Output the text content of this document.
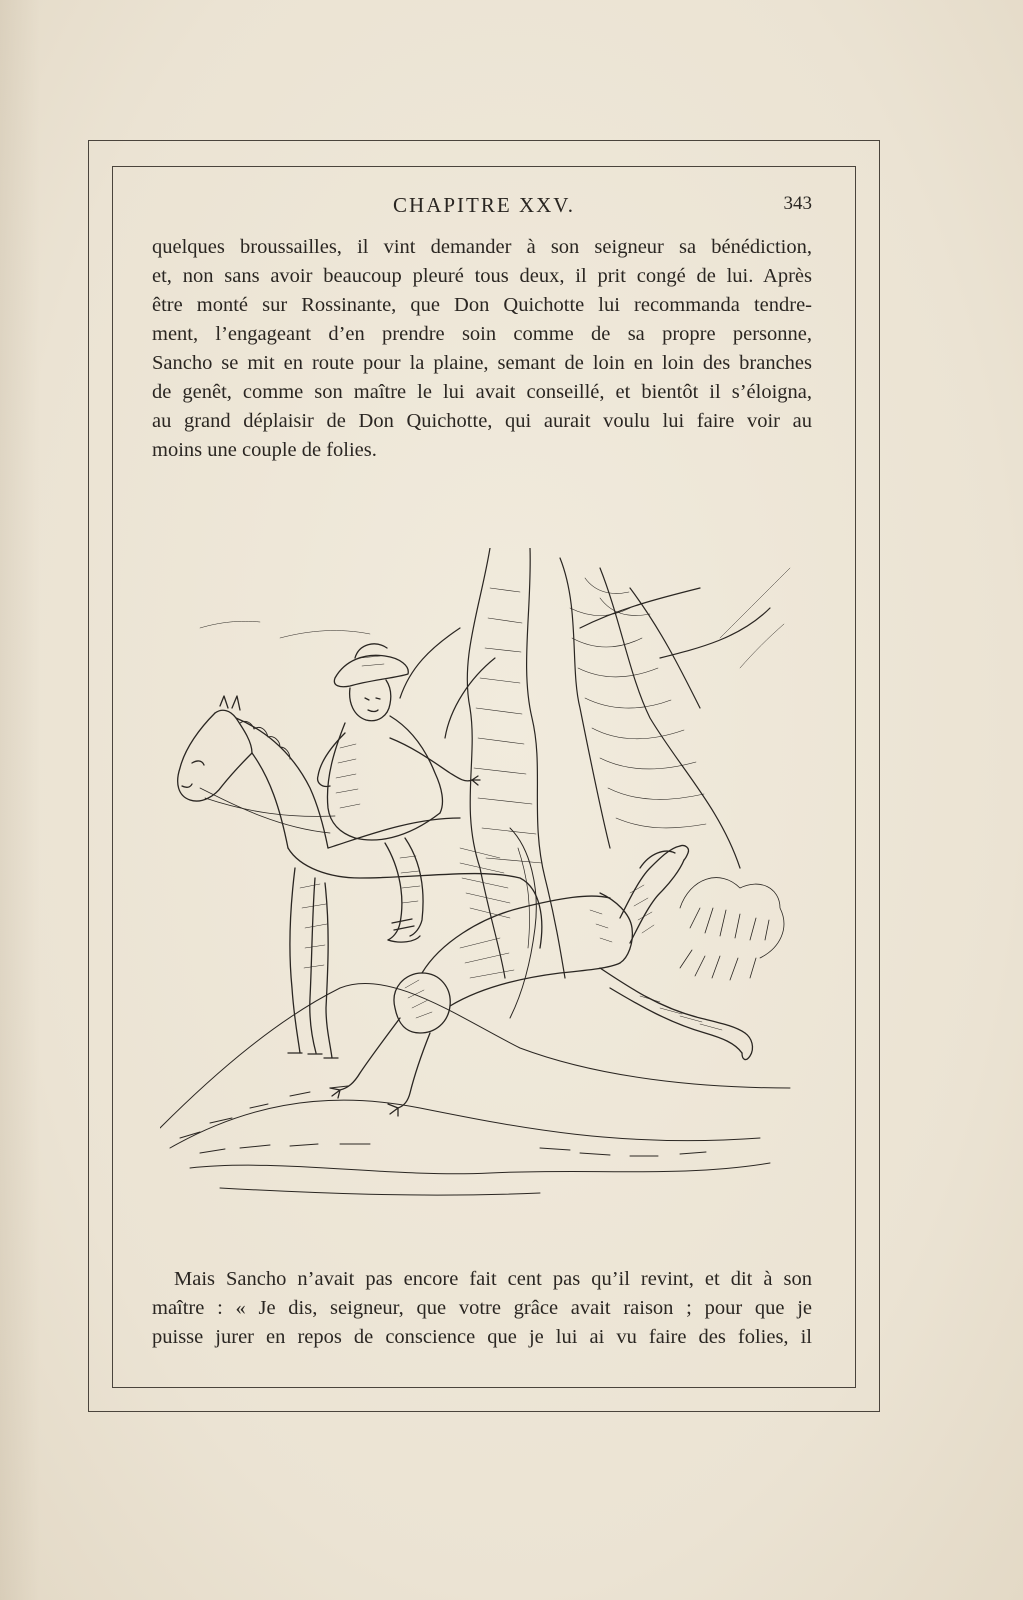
CHAPITRE XXV.	343

quelques broussailles, il vint demander à son seigneur sa bénédiction,

et, non sans avoir beaucoup pleuré tous deux, il prit congé de lui. Après

être monté sur Rossinante, que Don Quichotte lui recommanda tendre-

ment, l’engageant d’en prendre soin comme de sa propre personne,

Sancho se mit en route pour la plaine, semant de loin en loin des branches

de genêt, comme son maître le lui avait conseillé, et bientôt il s’éloigna,

au grand déplaisir de Don Quichotte, qui aurait voulu lui faire voir au

moins une couple de folies.

Mais Sancho n’avait pas encore fait cent pas qu’il revint, et dit à son

maître : « Je dis, seigneur, que votre grâce avait raison ; pour que je

puisse jurer en repos de conscience que je lui ai vu faire des folies, il
